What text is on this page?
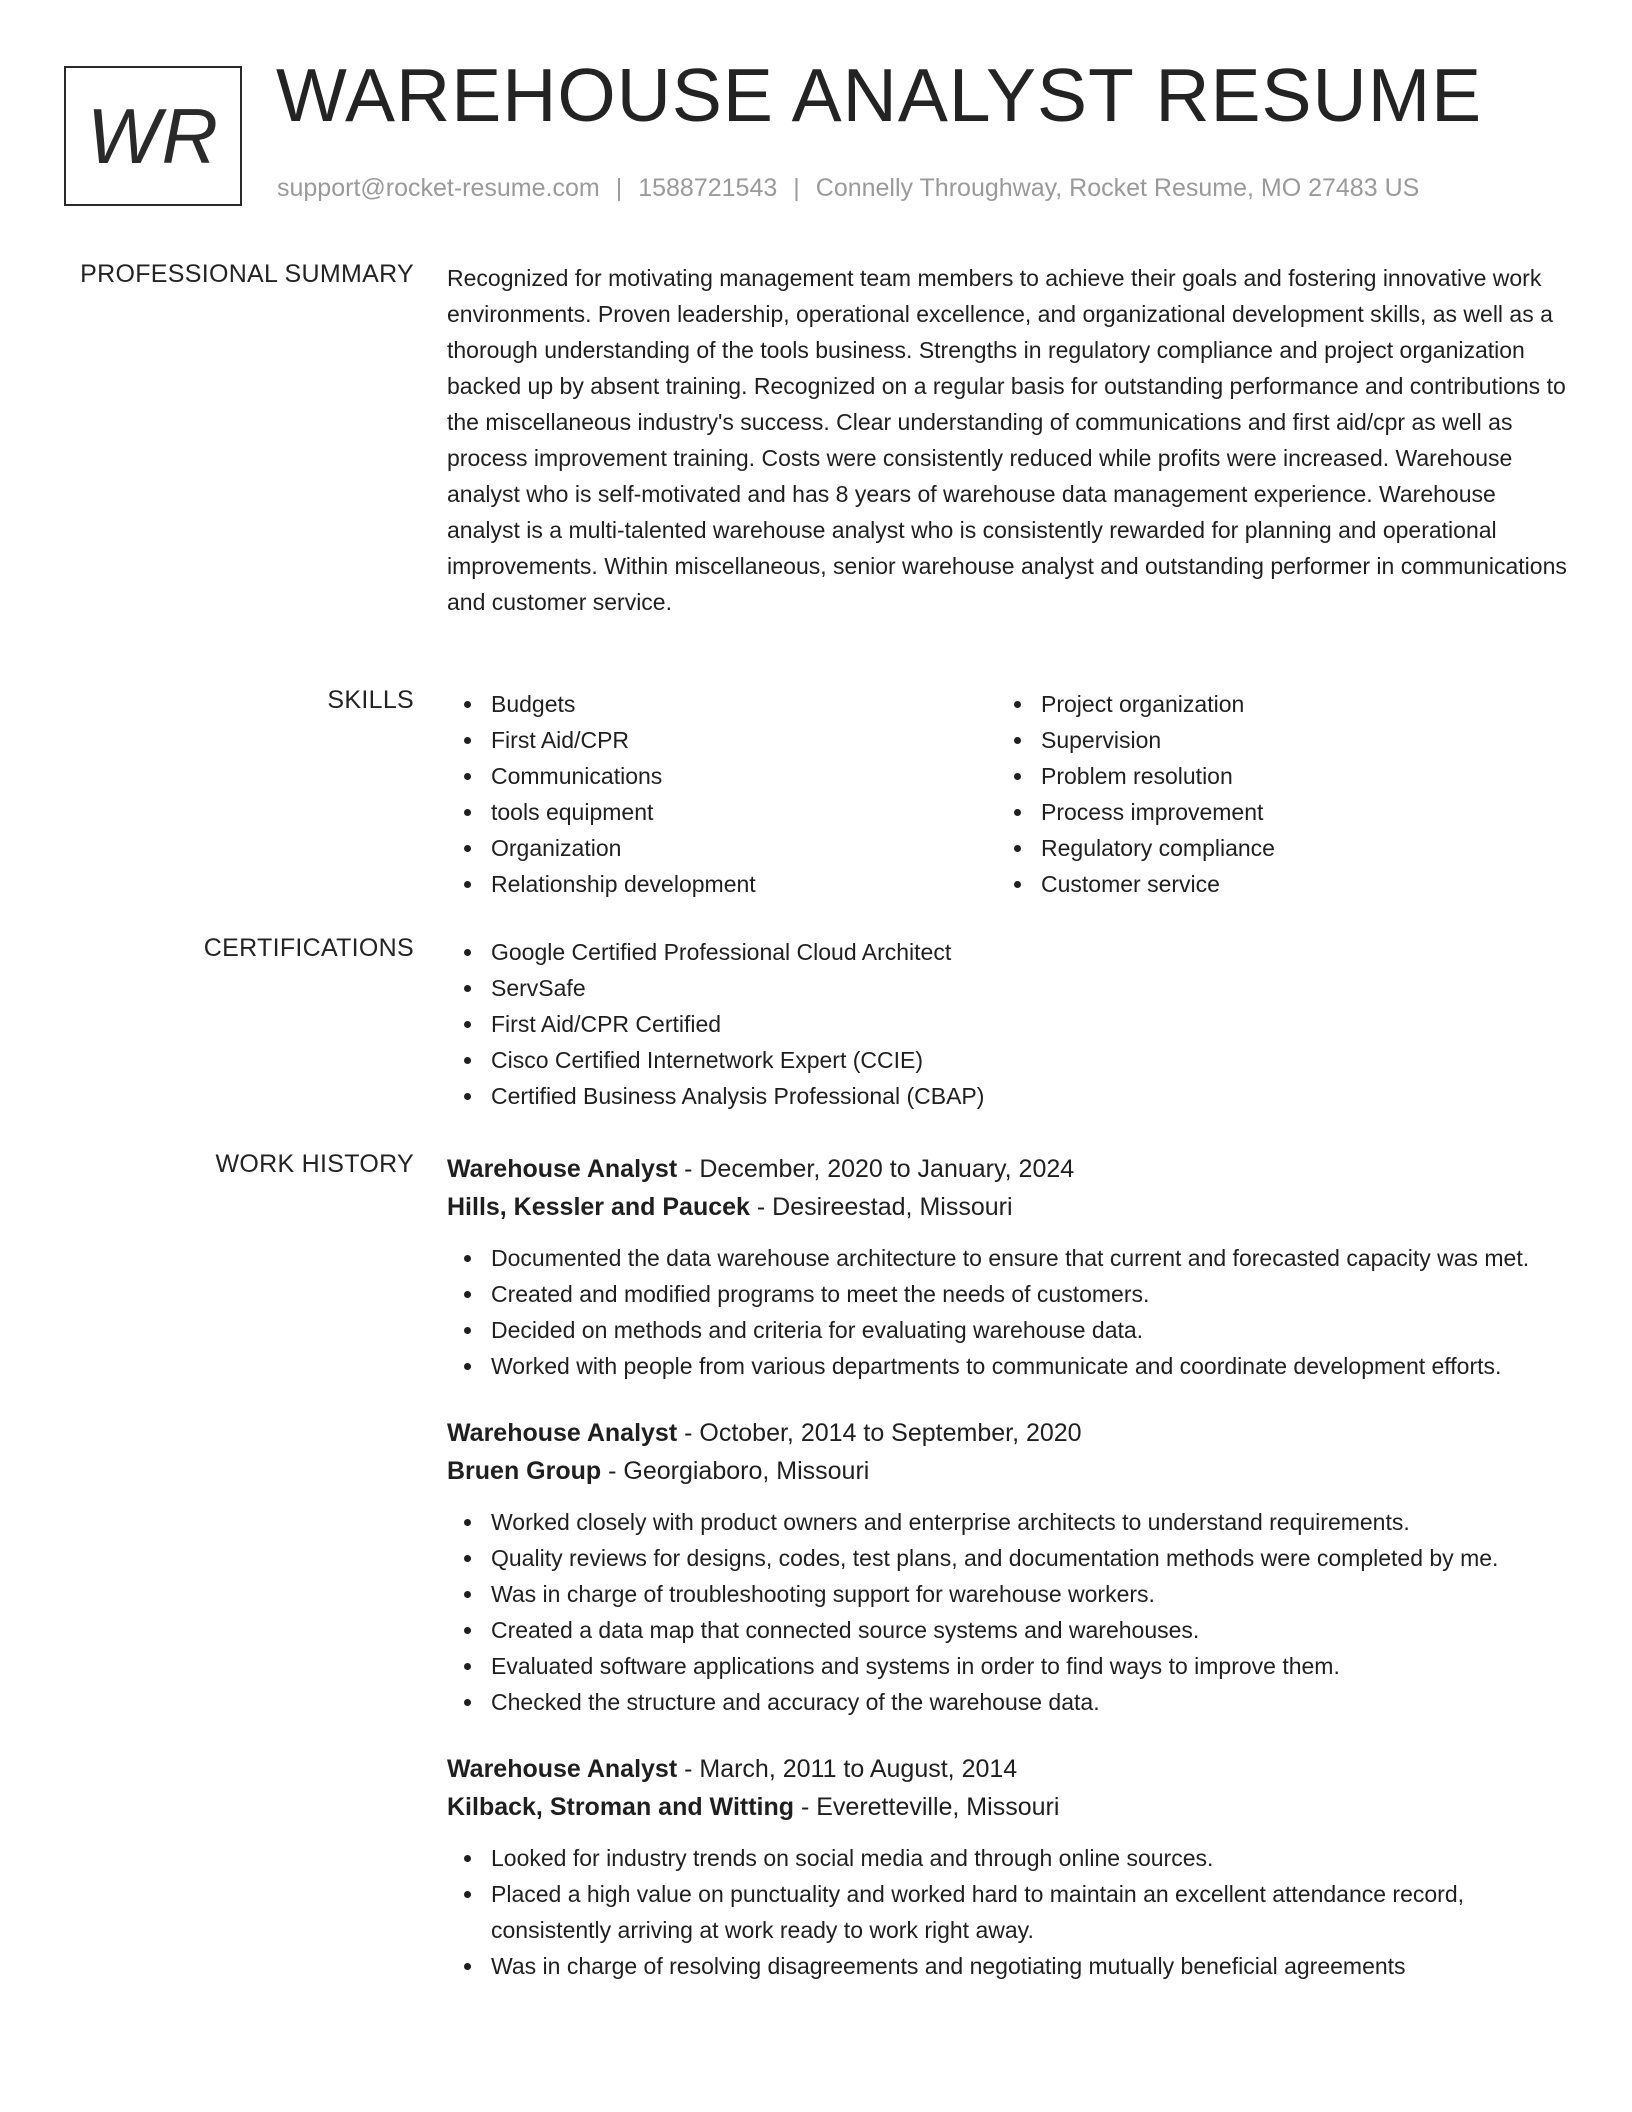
WR WAREHOUSE ANALYST RESUME
support@rocket-resume.com | 1588721543 | Connelly Throughway, Rocket Resume, MO 27483 US
PROFESSIONAL SUMMARY Recognized for motivating management team members to achieve their goals and fostering innovative work environments. Proven leadership, operational excellence, and organizational development skills, as well as a thorough understanding of the tools business. Strengths in regulatory compliance and project organization backed up by absent training. Recognized on a regular basis for outstanding performance and contributions to the miscellaneous industry's success. Clear understanding of communications and first aid/cpr as well as process improvement training. Costs were consistently reduced while profits were increased. Warehouse analyst who is self-motivated and has 8 years of warehouse data management experience. Warehouse analyst is a multi-talented warehouse analyst who is consistently rewarded for planning and operational improvements. Within miscellaneous, senior warehouse analyst and outstanding performer in communications and customer service.

SKILLS	Budgets
First Aid/CPR
Communications
tools equipment
Organization
Relationship development
Project organization
Supervision
Problem resolution
Process improvement
Regulatory compliance
Customer service
CERTIFICATIONS	Google Certified Professional Cloud Architect
ServSafe
First Aid/CPR Certified
Cisco Certified Internetwork Expert (CCIE)
Certified Business Analysis Professional (CBAP)
WORK HISTORY Warehouse Analyst - December, 2020 to January, 2024
Hills, Kessler and Paucek - Desireestad, Missouri
Documented the data warehouse architecture to ensure that current and forecasted capacity was met.
Created and modified programs to meet the needs of customers.
Decided on methods and criteria for evaluating warehouse data.
Worked with people from various departments to communicate and coordinate development efforts.
Warehouse Analyst - October, 2014 to September, 2020
Bruen Group - Georgiaboro, Missouri
Worked closely with product owners and enterprise architects to understand requirements.
Quality reviews for designs, codes, test plans, and documentation methods were completed by me.
Was in charge of troubleshooting support for warehouse workers.
Created a data map that connected source systems and warehouses.
Evaluated software applications and systems in order to find ways to improve them.
Checked the structure and accuracy of the warehouse data.
Warehouse Analyst - March, 2011 to August, 2014
Kilback, Stroman and Witting - Everetteville, Missouri
Looked for industry trends on social media and through online sources.
Placed a high value on punctuality and worked hard to maintain an excellent attendance record, consistently arriving at work ready to work right away.
Was in charge of resolving disagreements and negotiating mutually beneficial agreements
